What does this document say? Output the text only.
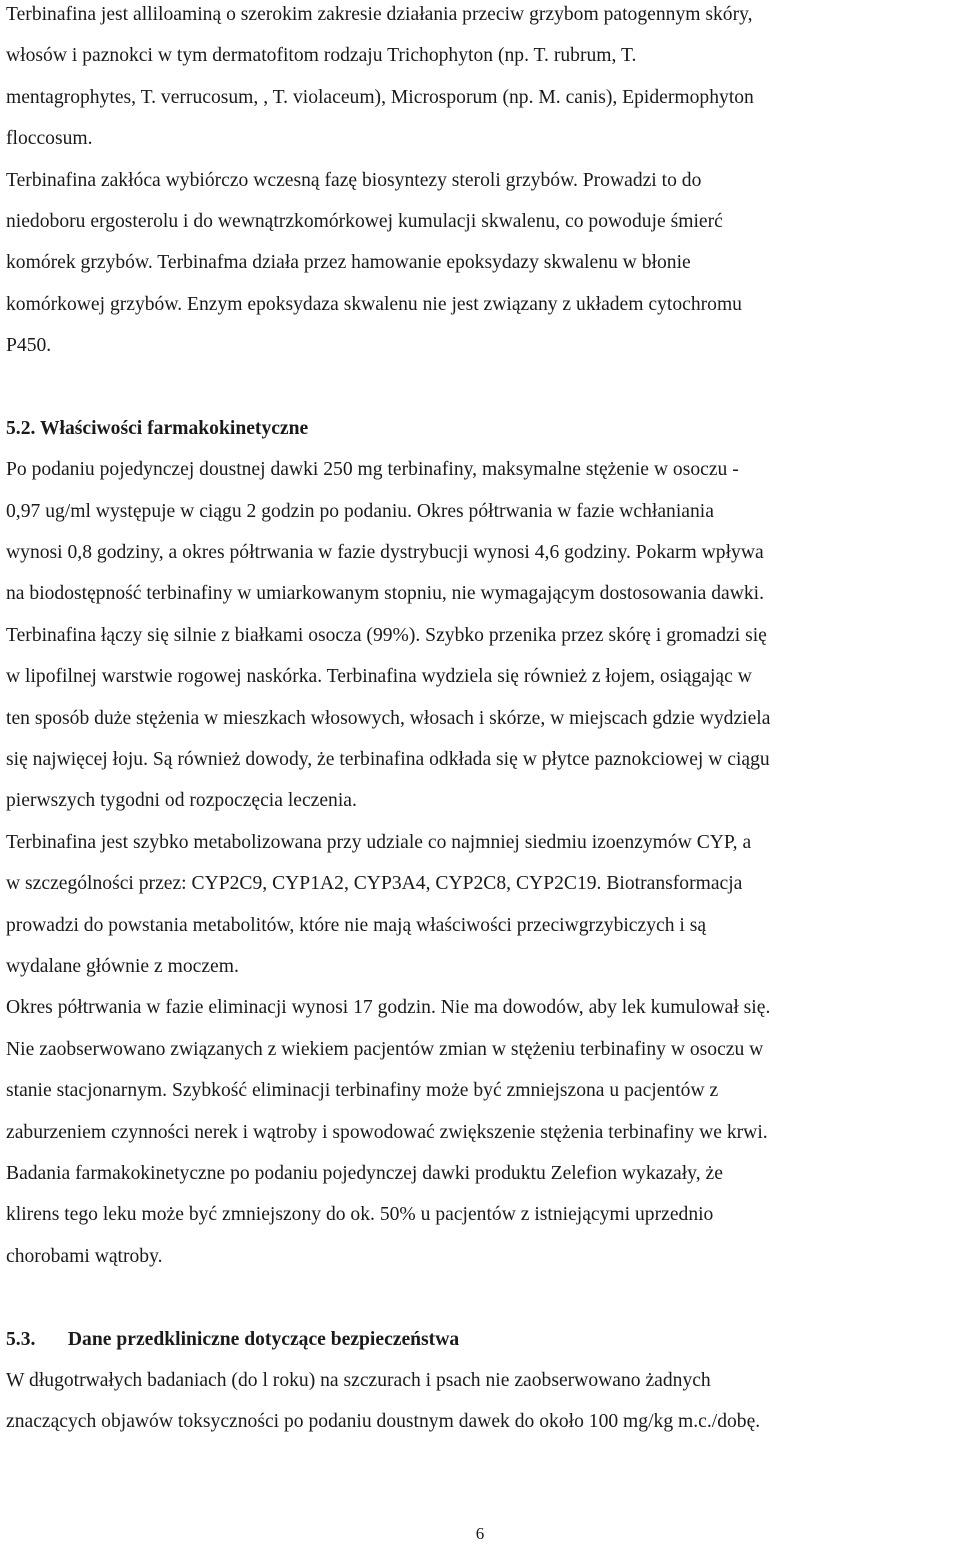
Terbinafina jest alliloaminą o szerokim zakresie działania przeciw grzybom patogennym skóry,
włosów i paznokci w tym dermatofitom rodzaju Trichophyton (np. T. rubrum, T.
mentagrophytes, T. verrucosum, , T. violaceum), Microsporum (np. M. canis), Epidermophyton
floccosum.
Terbinafina zakłóca wybiórczo wczesną fazę biosyntezy steroli grzybów. Prowadzi to do
niedoboru ergosterolu i do wewnątrzkomórkowej kumulacji skwalenu, co powoduje śmierć
komórek grzybów. Terbinafma działa przez hamowanie epoksydazy skwalenu w błonie
komórkowej grzybów. Enzym epoksydaza skwalenu nie jest związany z układem cytochromu
P450.
5.2. Właściwości farmakokinetyczne
Po podaniu pojedynczej doustnej dawki 250 mg terbinafiny, maksymalne stężenie w osoczu -
0,97 ug/ml występuje w ciągu 2 godzin po podaniu. Okres półtrwania w fazie wchłaniania
wynosi 0,8 godziny, a okres półtrwania w fazie dystrybucji wynosi 4,6 godziny. Pokarm wpływa
na biodostępność terbinafiny w umiarkowanym stopniu, nie wymagającym dostosowania dawki.
Terbinafina łączy się silnie z białkami osocza (99%). Szybko przenika przez skórę i gromadzi się
w lipofilnej warstwie rogowej naskórka. Terbinafina wydziela się również z łojem, osiągając w
ten sposób duże stężenia w mieszkach włosowych, włosach i skórze, w miejscach gdzie wydziela
się najwięcej łoju. Są również dowody, że terbinafina odkłada się w płytce paznokciowej w ciągu
pierwszych tygodni od rozpoczęcia leczenia.
Terbinafina jest szybko metabolizowana przy udziale co najmniej siedmiu izoenzymów CYP, a
w szczególności przez: CYP2C9, CYP1A2, CYP3A4, CYP2C8, CYP2C19. Biotransformacja
prowadzi do powstania metabolitów, które nie mają właściwości przeciwgrzybiczych i są
wydalane głównie z moczem.
Okres półtrwania w fazie eliminacji wynosi 17 godzin. Nie ma dowodów, aby lek kumulował się.
Nie zaobserwowano związanych z wiekiem pacjentów zmian w stężeniu terbinafiny w osoczu w
stanie stacjonarnym. Szybkość eliminacji terbinafiny może być zmniejszona u pacjentów z
zaburzeniem czynności nerek i wątroby i spowodować zwiększenie stężenia terbinafiny we krwi.
Badania farmakokinetyczne po podaniu pojedynczej dawki produktu Zelefion wykazały, że
klirens tego leku może być zmniejszony do ok. 50% u pacjentów z istniejącymi uprzednio
chorobami wątroby.
5.3. Dane przedkliniczne dotyczące bezpieczeństwa
W długotrwałych badaniach (do l roku) na szczurach i psach nie zaobserwowano żadnych
znaczących objawów toksyczności po podaniu doustnym dawek do około 100 mg/kg m.c./dobę.
6
